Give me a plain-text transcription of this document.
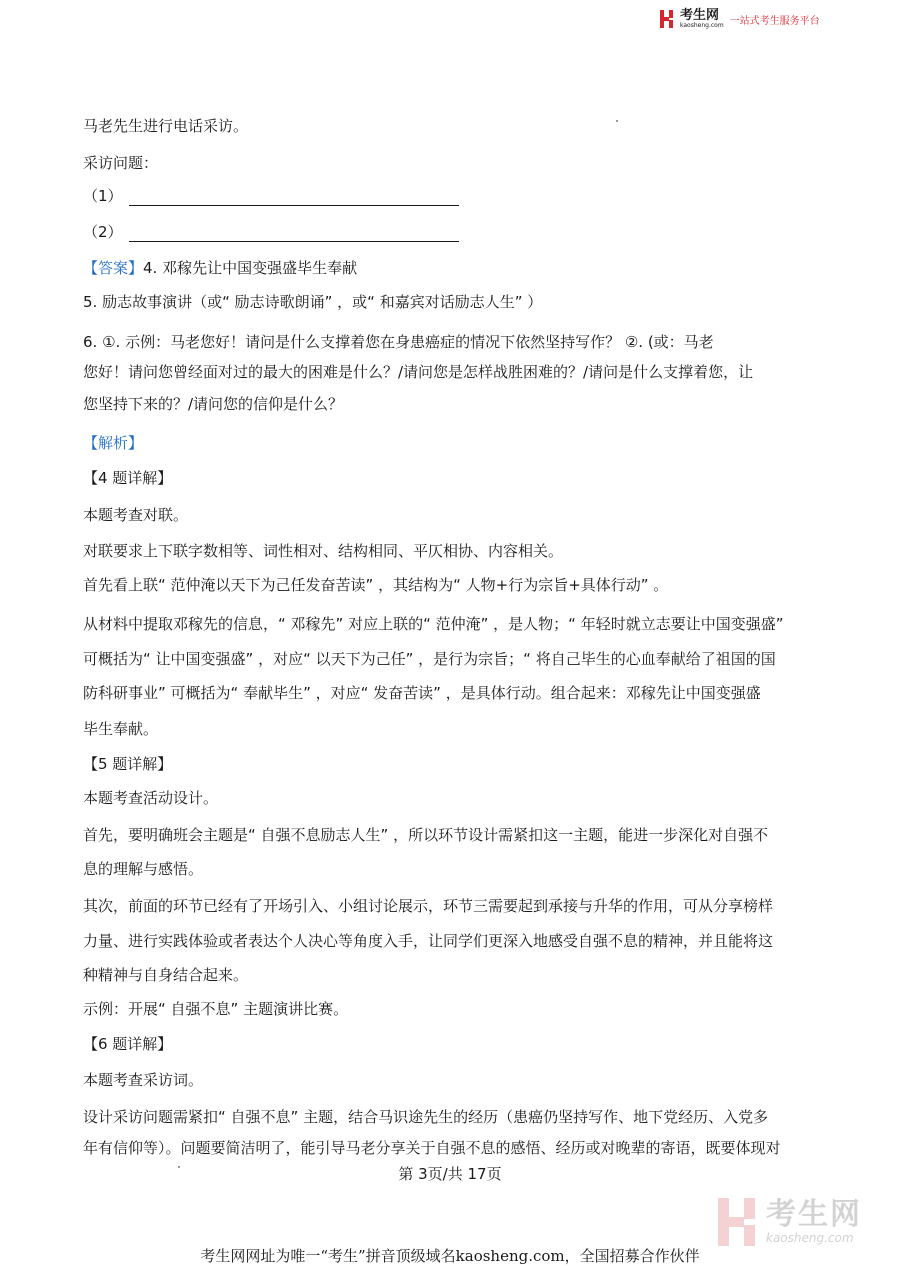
考生网
kaosheng.com 一站式考生服务平台
马老先生进行电话采访。
采访问题：
（1）
（2）
【答案】4. 邓稼先让中国变强盛毕生奉献
5. 励志故事演讲（或“ 励志诗歌朗诵” ，或“ 和嘉宾对话励志人生” ）
6. ①. 示例：马老您好！请问是什么支撑着您在身患癌症的情况下依然坚持写作？ ②. (或：马老
您好！请问您曾经面对过的最大的困难是什么？/请问您是怎样战胜困难的？/请问是什么支撑着您，让
您坚持下来的？/请问您的信仰是什么？
【解析】
【4 题详解】
本题考查对联。
对联要求上下联字数相等、词性相对、结构相同、平仄相协、内容相关。
首先看上联“ 范仲淹以天下为己任发奋苦读” ，其结构为“ 人物+行为宗旨+具体行动” 。
从材料中提取邓稼先的信息，“ 邓稼先” 对应上联的“ 范仲淹” ，是人物；“ 年轻时就立志要让中国变强盛”
可概括为“ 让中国变强盛” ，对应“ 以天下为己任” ，是行为宗旨；“ 将自己毕生的心血奉献给了祖国的国
防科研事业” 可概括为“ 奉献毕生” ，对应“ 发奋苦读” ，是具体行动。组合起来：邓稼先让中国变强盛
毕生奉献。
【5 题详解】
本题考查活动设计。
首先，要明确班会主题是“ 自强不息励志人生” ，所以环节设计需紧扣这一主题，能进一步深化对自强不
息的理解与感悟。
其次，前面的环节已经有了开场引入、小组讨论展示，环节三需要起到承接与升华的作用，可从分享榜样
力量、进行实践体验或者表达个人决心等角度入手，让同学们更深入地感受自强不息的精神，并且能将这
种精神与自身结合起来。
示例：开展“ 自强不息” 主题演讲比赛。
【6 题详解】
本题考查采访词。
设计采访问题需紧扣“ 自强不息” 主题，结合马识途先生的经历（患癌仍坚持写作、地下党经历、入党多
年有信仰等）。问题要简洁明了，能引导马老分享关于自强不息的感悟、经历或对晚辈的寄语，既要体现对
第 3页/共 17页
考生网
kaosheng.com
考生网网址为唯一“考生”拼音顶级域名kaosheng.com，全国招募合作伙伴
